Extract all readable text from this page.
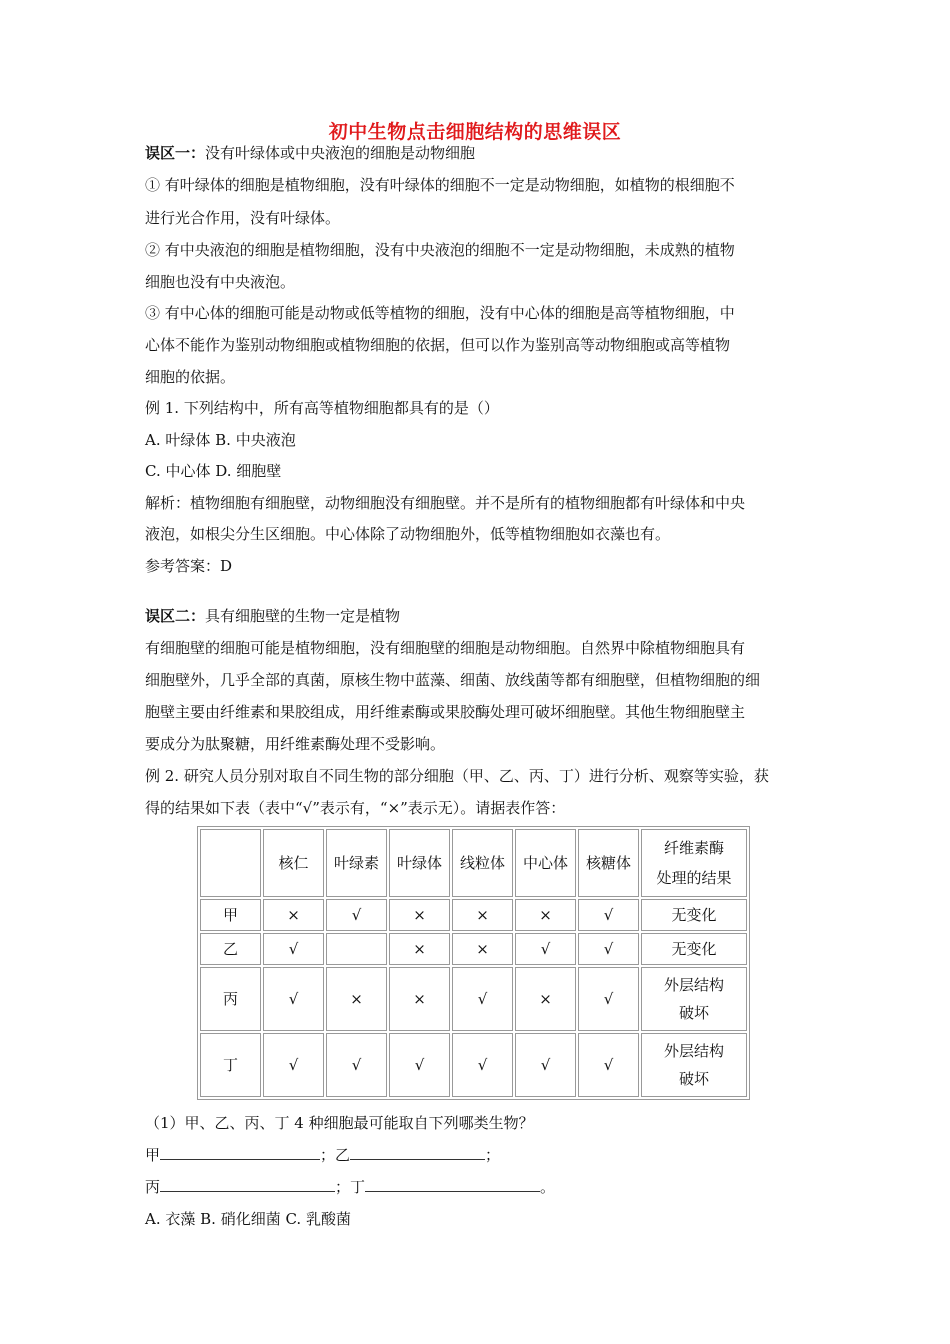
初中生物点击细胞结构的思维误区
误区一：没有叶绿体或中央液泡的细胞是动物细胞
① 有叶绿体的细胞是植物细胞，没有叶绿体的细胞不一定是动物细胞，如植物的根细胞不
进行光合作用，没有叶绿体。
② 有中央液泡的细胞是植物细胞，没有中央液泡的细胞不一定是动物细胞，未成熟的植物
细胞也没有中央液泡。
③ 有中心体的细胞可能是动物或低等植物的细胞，没有中心体的细胞是高等植物细胞，中
心体不能作为鉴别动物细胞或植物细胞的依据，但可以作为鉴别高等动物细胞或高等植物
细胞的依据。
例 1. 下列结构中，所有高等植物细胞都具有的是（）
A. 叶绿体 B. 中央液泡
C. 中心体 D. 细胞壁
解析：植物细胞有细胞壁，动物细胞没有细胞壁。并不是所有的植物细胞都有叶绿体和中央
液泡，如根尖分生区细胞。中心体除了动物细胞外，低等植物细胞如衣藻也有。
参考答案：D
误区二：具有细胞壁的生物一定是植物
有细胞壁的细胞可能是植物细胞，没有细胞壁的细胞是动物细胞。自然界中除植物细胞具有
细胞壁外，几乎全部的真菌，原核生物中蓝藻、细菌、放线菌等都有细胞壁，但植物细胞的细
胞壁主要由纤维素和果胶组成，用纤维素酶或果胶酶处理可破坏细胞壁。其他生物细胞壁主
要成分为肽聚糖，用纤维素酶处理不受影响。
例 2. 研究人员分别对取自不同生物的部分细胞（甲、乙、丙、丁）进行分析、观察等实验，获
得的结果如下表（表中“√”表示有，“×”表示无）。请据表作答：
	核仁	叶绿素	叶绿体	线粒体	中心体	核糖体	纤维素酶
处理的结果

甲	×	√	×	×	×	√	无变化
乙	√		×	×	√	√	无变化
丙	√	×	×	√	×	√	外层结构
破坏

丁	√	√	√	√	√	√	外层结构
破坏
（1）甲、乙、丙、丁 4 种细胞最可能取自下列哪类生物？
甲	；乙	；
丙	；丁	。
A. 衣藻 B. 硝化细菌 C. 乳酸菌
